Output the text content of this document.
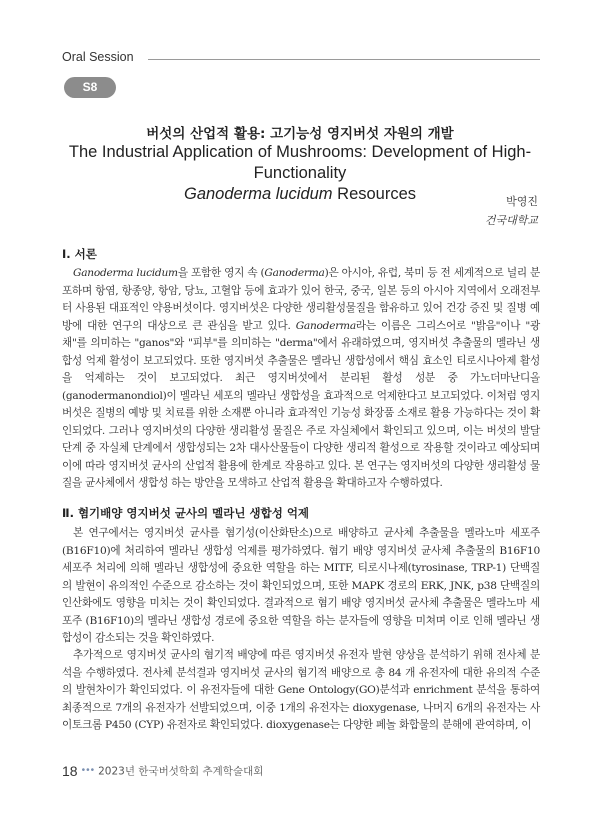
Oral Session
S8
버섯의 산업적 활용: 고기능성 영지버섯 자원의 개발
The Industrial Application of Mushrooms: Development of High-Functionality
Ganoderma lucidum Resources	박영진
건국대학교
Ⅰ. 서론

Ganoderma lucidum을 포함한 영지 속 (Ganoderma)은 아시아, 유럽, 북미 등 전 세계적으로 널리 분포하며 항염, 항종양, 항암, 당뇨, 고혈압 등에 효과가 있어 한국, 중국, 일본 등의 아시아 지역에서 오래전부터 사용된 대표적인 약용버섯이다. 영지버섯은 다양한 생리활성물질을 함유하고 있어 건강 증진 및 질병 예방에 대한 연구의 대상으로 큰 관심을 받고 있다. Ganoderma라는 이름은 그리스어로 "밝음"이나 "광채"를 의미하는 "ganos"와 "피부"를 의미하는 "derma"에서 유래하였으며, 영지버섯 추출물의 멜라닌 생합성 억제 활성이 보고되었다. 또한 영지버섯 추출물은 멜라닌 생합성에서 핵심 효소인 티로시나아제 활성을 억제하는 것이 보고되었다. 최근 영지버섯에서 분리된 활성 성분 중 가노더마난디올(ganodermanondiol)이 멜라닌 세포의 멜라닌 생합성을 효과적으로 억제한다고 보고되었다. 이처럼 영지버섯은 질병의 예방 및 치료를 위한 소재뿐 아니라 효과적인 기능성 화장품 소재로 활용 가능하다는 것이 확인되었다. 그러나 영지버섯의 다양한 생리활성 물질은 주로 자실체에서 확인되고 있으며, 이는 버섯의 발달단계 중 자실체 단계에서 생합성되는 2차 대사산물들이 다양한 생리적 활성으로 작용할 것이라고 예상되며 이에 따라 영지버섯 균사의 산업적 활용에 한계로 작용하고 있다. 본 연구는 영지버섯의 다양한 생리활성 물질을 균사체에서 생합성 하는 방안을 모색하고 산업적 활용을 확대하고자 수행하였다.

Ⅱ. 혐기배양 영지버섯 균사의 멜라닌 생합성 억제

본 연구에서는 영지버섯 균사를 혐기성(이산화탄소)으로 배양하고 균사체 추출물을 멜라노마 세포주(B16F10)에 처리하여 멜라닌 생합성 억제를 평가하였다. 혐기 배양 영지버섯 균사체 추출물의 B16F10 세포주 처리에 의해 멜라닌 생합성에 중요한 역할을 하는 MITF, 티로시나제(tyrosinase, TRP-1) 단백질의 발현이 유의적인 수준으로 감소하는 것이 확인되었으며, 또한 MAPK 경로의 ERK, JNK, p38 단백질의 인산화에도 영향을 미치는 것이 확인되었다. 결과적으로 혐기 배양 영지버섯 균사체 추출물은 멜라노마 세포주 (B16F10)의 멜라닌 생합성 경로에 중요한 역할을 하는 분자들에 영향을 미쳐며 이로 인해 멜라닌 생합성이 감소되는 것을 확인하였다.

추가적으로 영지버섯 균사의 혐기적 배양에 따른 영지버섯 유전자 발현 양상을 분석하기 위해 전사체 분석을 수행하였다. 전사체 분석결과 영지버섯 균사의 혐기적 배양으로 총 84 개 유전자에 대한 유의적 수준의 발현차이가 확인되었다. 이 유전자들에 대한 Gene Ontology(GO)분석과 enrichment 분석을 통하여 최종적으로 7개의 유전자가 선발되었으며, 이중 1개의 유전자는 dioxygenase, 나머지 6개의 유전자는 사이토크롬 P450 (CYP) 유전자로 확인되었다. dioxygenase는 다양한 페놀 화합물의 분해에 관여하며, 이

18 ••• 2023년 한국버섯학회 추계학술대회
